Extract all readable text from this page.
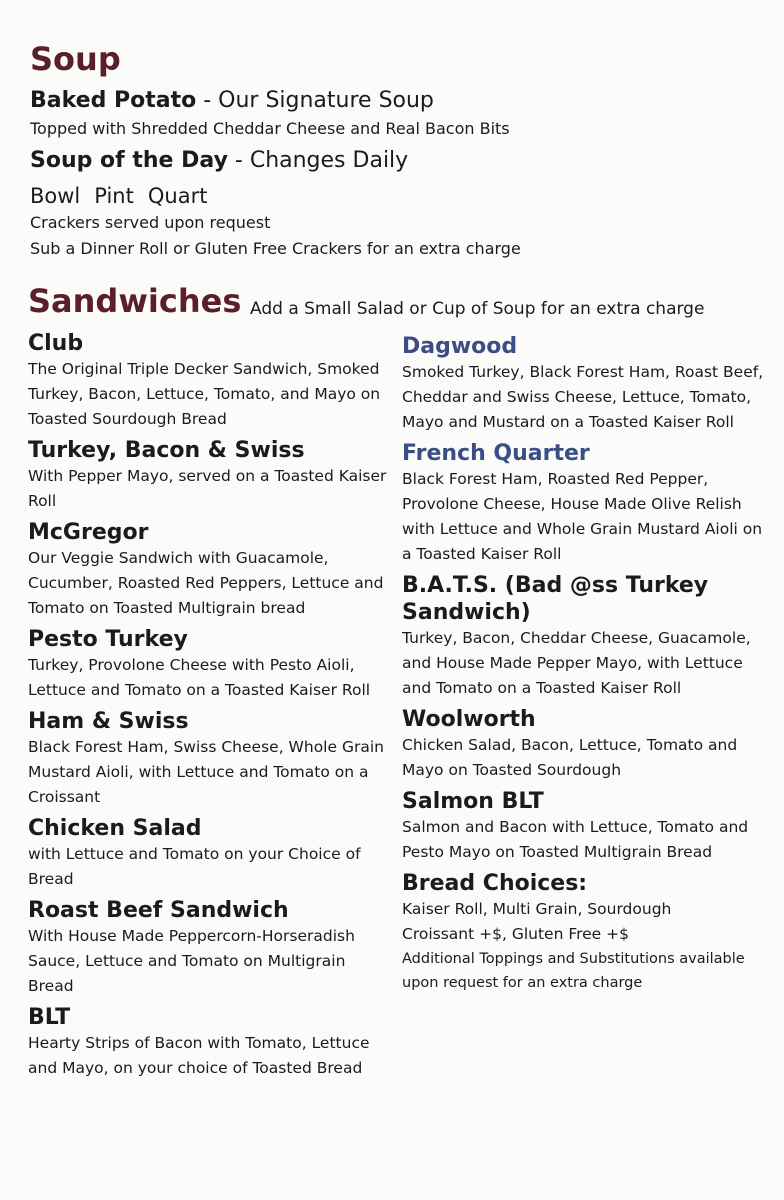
Soup

Baked Potato - Our Signature Soup

Topped with Shredded Cheddar Cheese and Real Bacon Bits

Soup of the Day - Changes Daily

Bowl Pint Quart
Crackers served upon request
Sub a Dinner Roll or Gluten Free Crackers for an extra charge
Sandwiches Add a Small Salad or Cup of Soup for an extra charge

Club

The Original Triple Decker Sandwich, Smoked Turkey, Bacon, Lettuce, Tomato, and Mayo on Toasted Sourdough Bread

Turkey, Bacon & Swiss

With Pepper Mayo, served on a Toasted Kaiser Roll

McGregor

Our Veggie Sandwich with Guacamole, Cucumber, Roasted Red Peppers, Lettuce and Tomato on Toasted Multigrain bread

Pesto Turkey

Turkey, Provolone Cheese with Pesto Aioli, Lettuce and Tomato on a Toasted Kaiser Roll

Ham & Swiss

Black Forest Ham, Swiss Cheese, Whole Grain Mustard Aioli, with Lettuce and Tomato on a Croissant

Chicken Salad

with Lettuce and Tomato on your Choice of Bread

Roast Beef Sandwich

With House Made Peppercorn-Horseradish Sauce, Lettuce and Tomato on Multigrain Bread

BLT

Hearty Strips of Bacon with Tomato, Lettuce and Mayo, on your choice of Toasted Bread

Dagwood

Smoked Turkey, Black Forest Ham, Roast Beef, Cheddar and Swiss Cheese, Lettuce, Tomato, Mayo and Mustard on a Toasted Kaiser Roll

French Quarter

Black Forest Ham, Roasted Red Pepper, Provolone Cheese, House Made Olive Relish with Lettuce and Whole Grain Mustard Aioli on a Toasted Kaiser Roll

B.A.T.S. (Bad @ss Turkey Sandwich)

Turkey, Bacon, Cheddar Cheese, Guacamole, and House Made Pepper Mayo, with Lettuce and Tomato on a Toasted Kaiser Roll

Woolworth

Chicken Salad, Bacon, Lettuce, Tomato and Mayo on Toasted Sourdough

Salmon BLT

Salmon and Bacon with Lettuce, Tomato and Pesto Mayo on Toasted Multigrain Bread

Bread Choices:

Kaiser Roll, Multi Grain, Sourdough

Croissant +$, Gluten Free +$

Additional Toppings and Substitutions available upon request for an extra charge
